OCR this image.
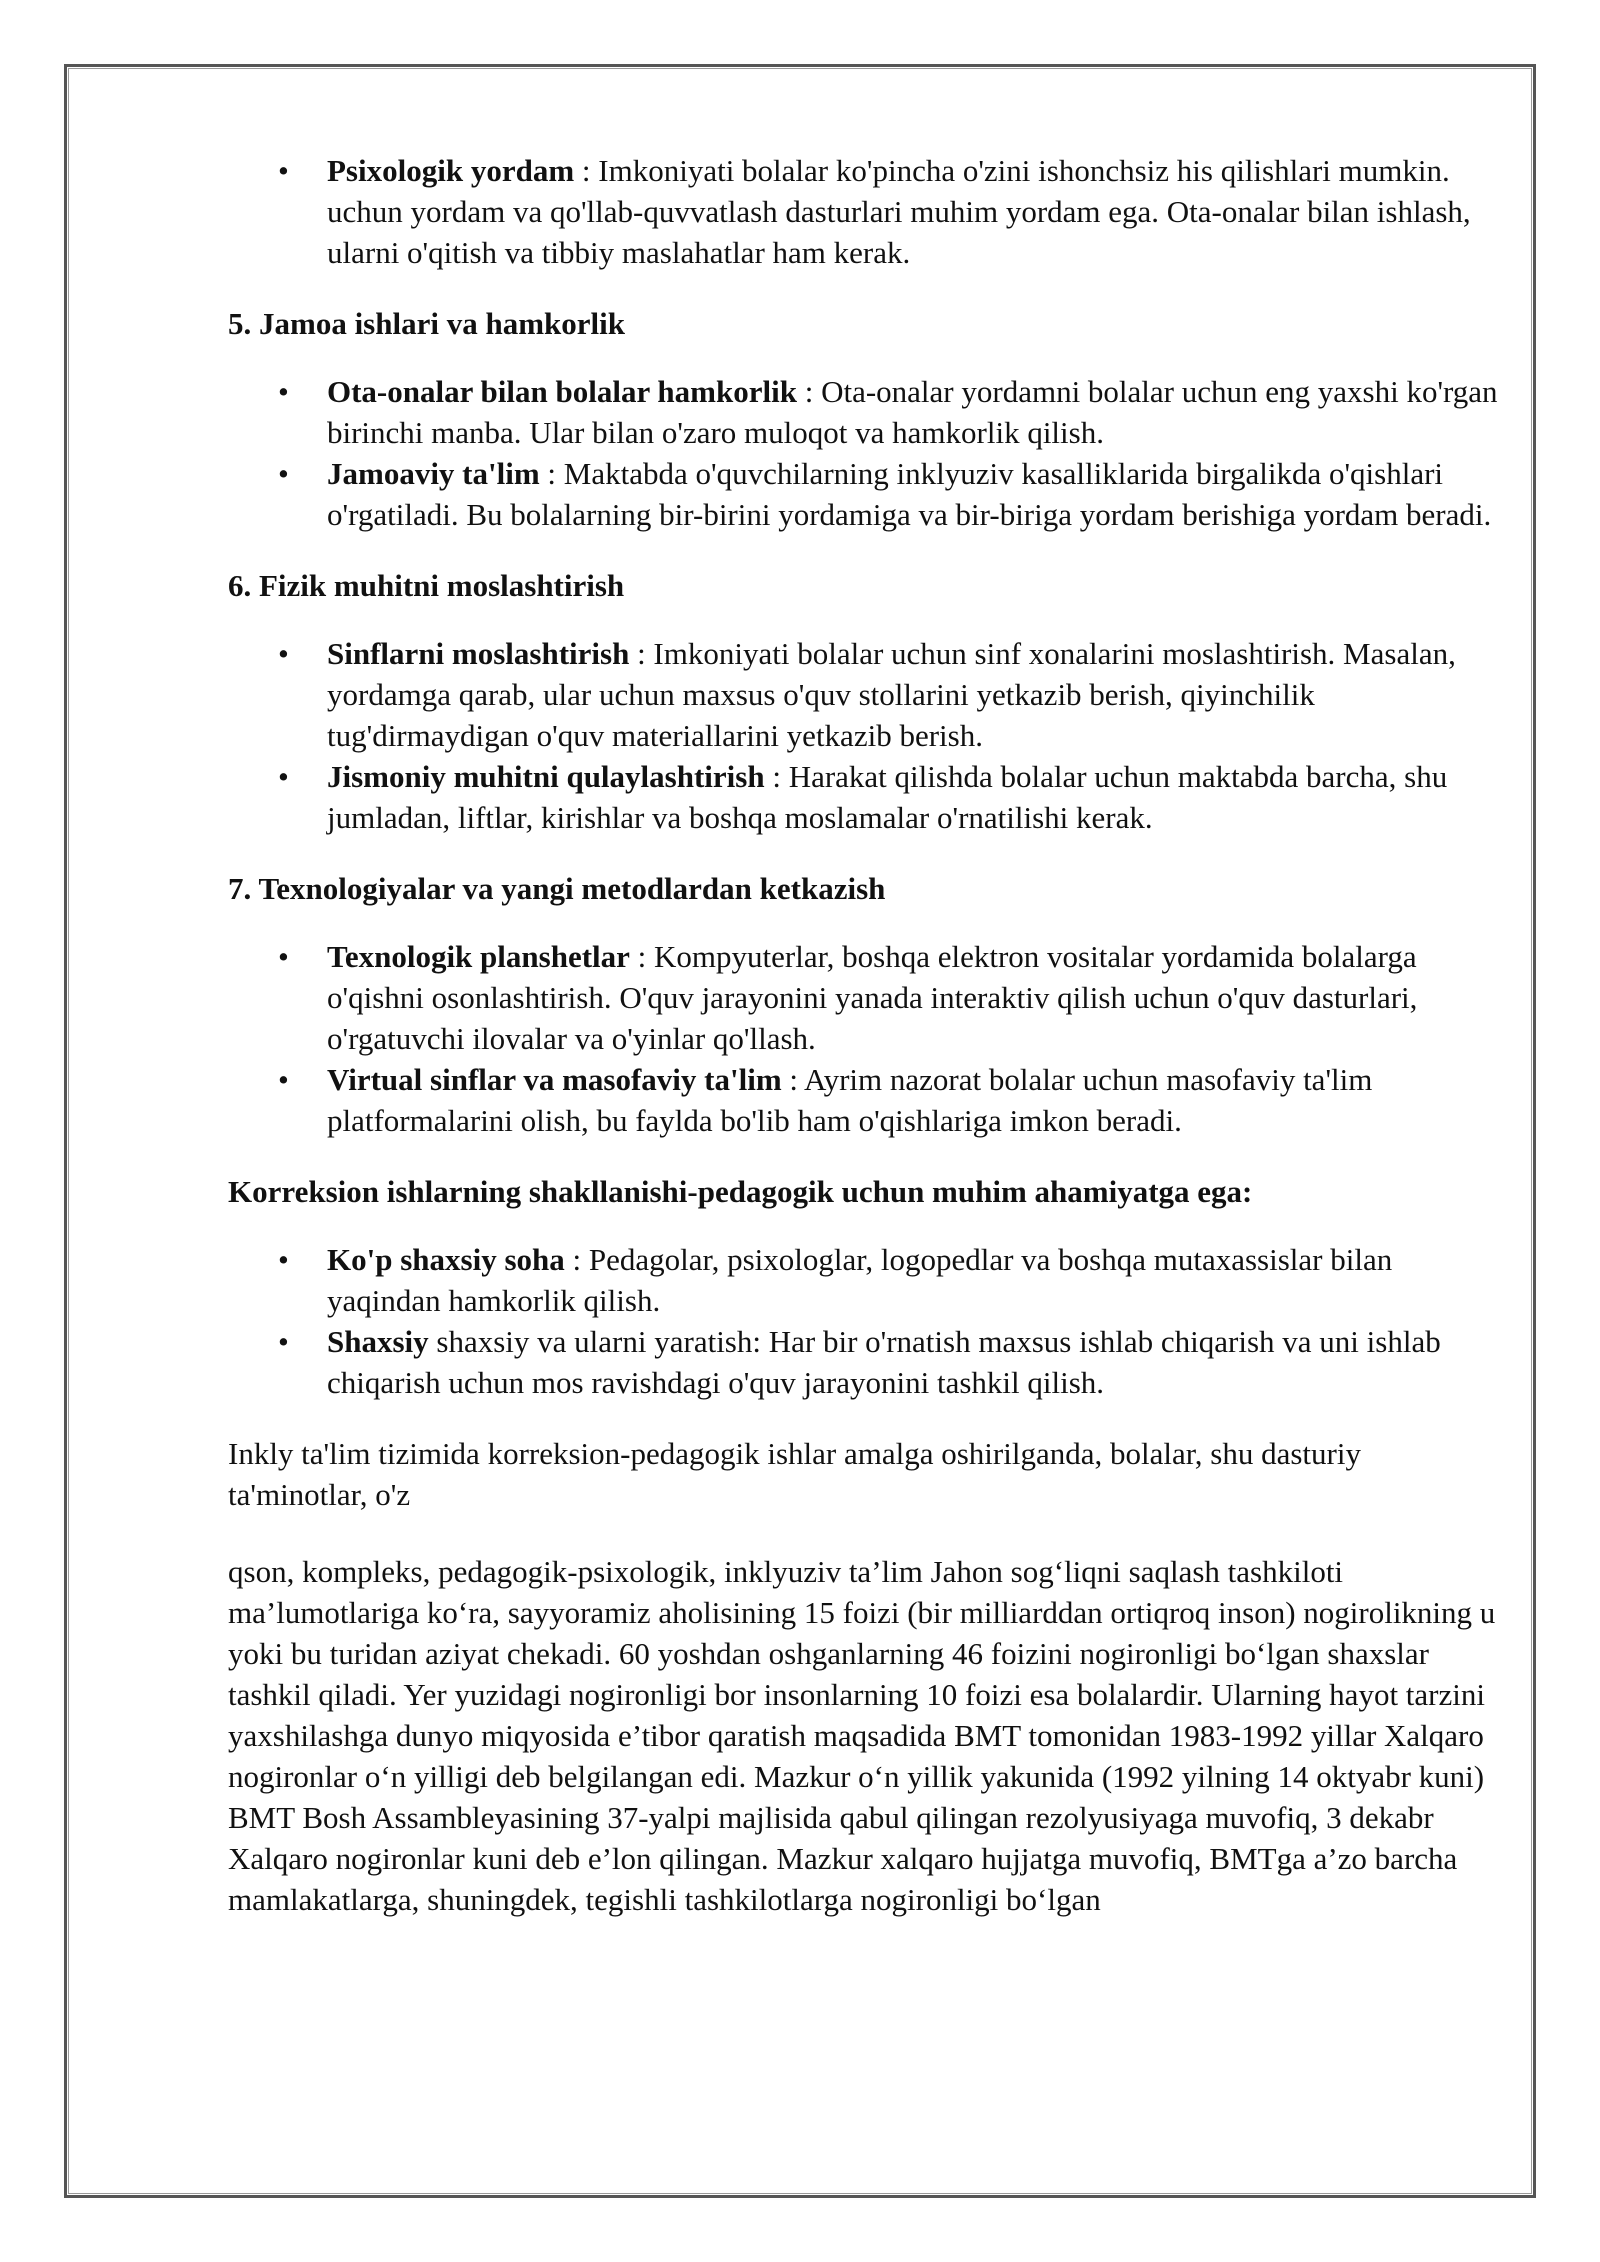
• Psixologik yordam : Imkoniyati bolalar ko'pincha o'zini ishonchsiz his qilishlari mumkin. uchun yordam va qo'llab-quvvatlash dasturlari muhim yordam ega. Ota-onalar bilan ishlash, ularni o'qitish va tibbiy maslahatlar ham kerak.
5. Jamoa ishlari va hamkorlik
• Ota-onalar bilan bolalar hamkorlik : Ota-onalar yordamni bolalar uchun eng yaxshi ko'rgan birinchi manba. Ular bilan o'zaro muloqot va hamkorlik qilish.
• Jamoaviy ta'lim : Maktabda o'quvchilarning inklyuziv kasalliklarida birgalikda o'qishlari o'rgatiladi. Bu bolalarning bir-birini yordamiga va bir-biriga yordam berishiga yordam beradi.
6. Fizik muhitni moslashtirish
• Sinflarni moslashtirish : Imkoniyati bolalar uchun sinf xonalarini moslashtirish. Masalan, yordamga qarab, ular uchun maxsus o'quv stollarini yetkazib berish, qiyinchilik tug'dirmaydigan o'quv materiallarini yetkazib berish.
• Jismoniy muhitni qulaylashtirish : Harakat qilishda bolalar uchun maktabda barcha, shu jumladan, liftlar, kirishlar va boshqa moslamalar o'rnatilishi kerak.
7. Texnologiyalar va yangi metodlardan ketkazish
• Texnologik planshetlar : Kompyuterlar, boshqa elektron vositalar yordamida bolalarga o'qishni osonlashtirish. O'quv jarayonini yanada interaktiv qilish uchun o'quv dasturlari, o'rgatuvchi ilovalar va o'yinlar qo'llash.
• Virtual sinflar va masofaviy ta'lim : Ayrim nazorat bolalar uchun masofaviy ta'lim platformalarini olish, bu faylda bo'lib ham o'qishlariga imkon beradi.
Korreksion ishlarning shakllanishi-pedagogik uchun muhim ahamiyatga ega:
• Ko'p shaxsiy soha : Pedagolar, psixologlar, logopedlar va boshqa mutaxassislar bilan yaqindan hamkorlik qilish.
• Shaxsiy shaxsiy va ularni yaratish: Har bir o'rnatish maxsus ishlab chiqarish va uni ishlab chiqarish uchun mos ravishdagi o'quv jarayonini tashkil qilish.

Inkly ta'lim tizimida korreksion-pedagogik ishlar amalga oshirilganda, bolalar, shu dasturiy ta'minotlar, o'z

qson, kompleks, pedagogik-psixologik, inklyuziv ta’lim Jahon sog‘liqni saqlash tashkiloti ma’lumotlariga ko‘ra, sayyoramiz aholisining 15 foizi (bir milliarddan ortiqroq inson) nogirolikning u yoki bu turidan aziyat chekadi. 60 yoshdan oshganlarning 46 foizini nogironligi bo‘lgan shaxslar tashkil qiladi. Yer yuzidagi nogironligi bor insonlarning 10 foizi esa bolalardir. Ularning hayot tarzini yaxshilashga dunyo miqyosida e’tibor qaratish maqsadida BMT tomonidan 1983-1992 yillar Xalqaro nogironlar o‘n yilligi deb belgilangan edi. Mazkur o‘n yillik yakunida (1992 yilning 14 oktyabr kuni) BMT Bosh Assambleyasining 37-yalpi majlisida qabul qilingan rezolyusiyaga muvofiq, 3 dekabr Xalqaro nogironlar kuni deb e’lon qilingan. Mazkur xalqaro hujjatga muvofiq, BMTga a’zo barcha mamlakatlarga, shuningdek, tegishli tashkilotlarga nogironligi bo‘lgan
